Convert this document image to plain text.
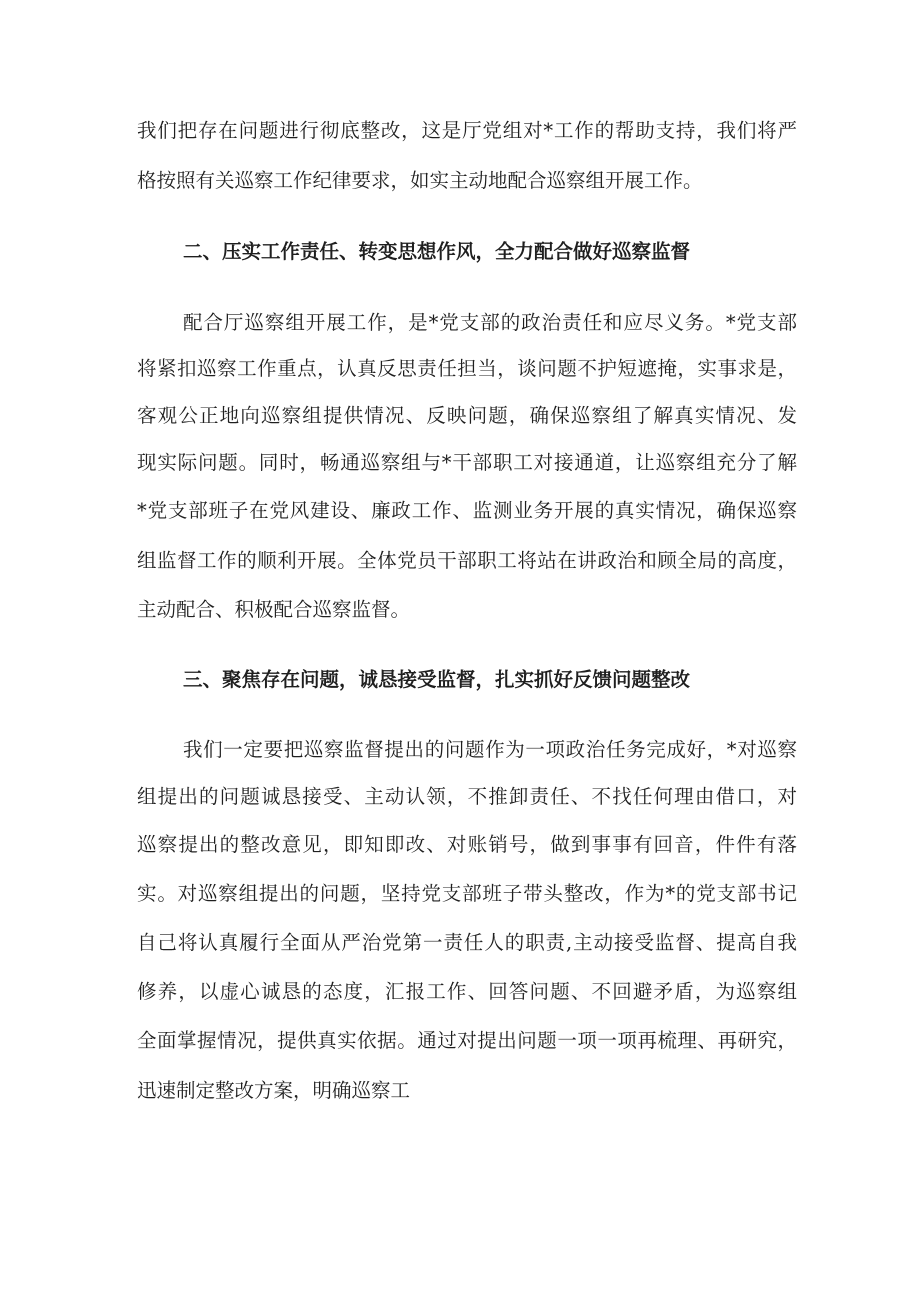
我们把存在问题进行彻底整改，这是厅党组对*工作的帮助支持，我们将严
格按照有关巡察工作纪律要求，如实主动地配合巡察组开展工作。
二、压实工作责任、转变思想作风，全力配合做好巡察监督
配合厅巡察组开展工作，是*党支部的政治责任和应尽义务。*党支部
将紧扣巡察工作重点，认真反思责任担当，谈问题不护短遮掩，实事求是，
客观公正地向巡察组提供情况、反映问题，确保巡察组了解真实情况、发
现实际问题。同时，畅通巡察组与*干部职工对接通道，让巡察组充分了解
*党支部班子在党风建设、廉政工作、监测业务开展的真实情况，确保巡察
组监督工作的顺利开展。全体党员干部职工将站在讲政治和顾全局的高度，
主动配合、积极配合巡察监督。
三、聚焦存在问题，诚恳接受监督，扎实抓好反馈问题整改
我们一定要把巡察监督提出的问题作为一项政治任务完成好，*对巡察
组提出的问题诚恳接受、主动认领，不推卸责任、不找任何理由借口，对
巡察提出的整改意见，即知即改、对账销号，做到事事有回音，件件有落
实。对巡察组提出的问题，坚持党支部班子带头整改，作为*的党支部书记
自己将认真履行全面从严治党第一责任人的职责,主动接受监督、提高自我
修养，以虚心诚恳的态度，汇报工作、回答问题、不回避矛盾，为巡察组
全面掌握情况，提供真实依据。通过对提出问题一项一项再梳理、再研究，
迅速制定整改方案，明确巡察工
